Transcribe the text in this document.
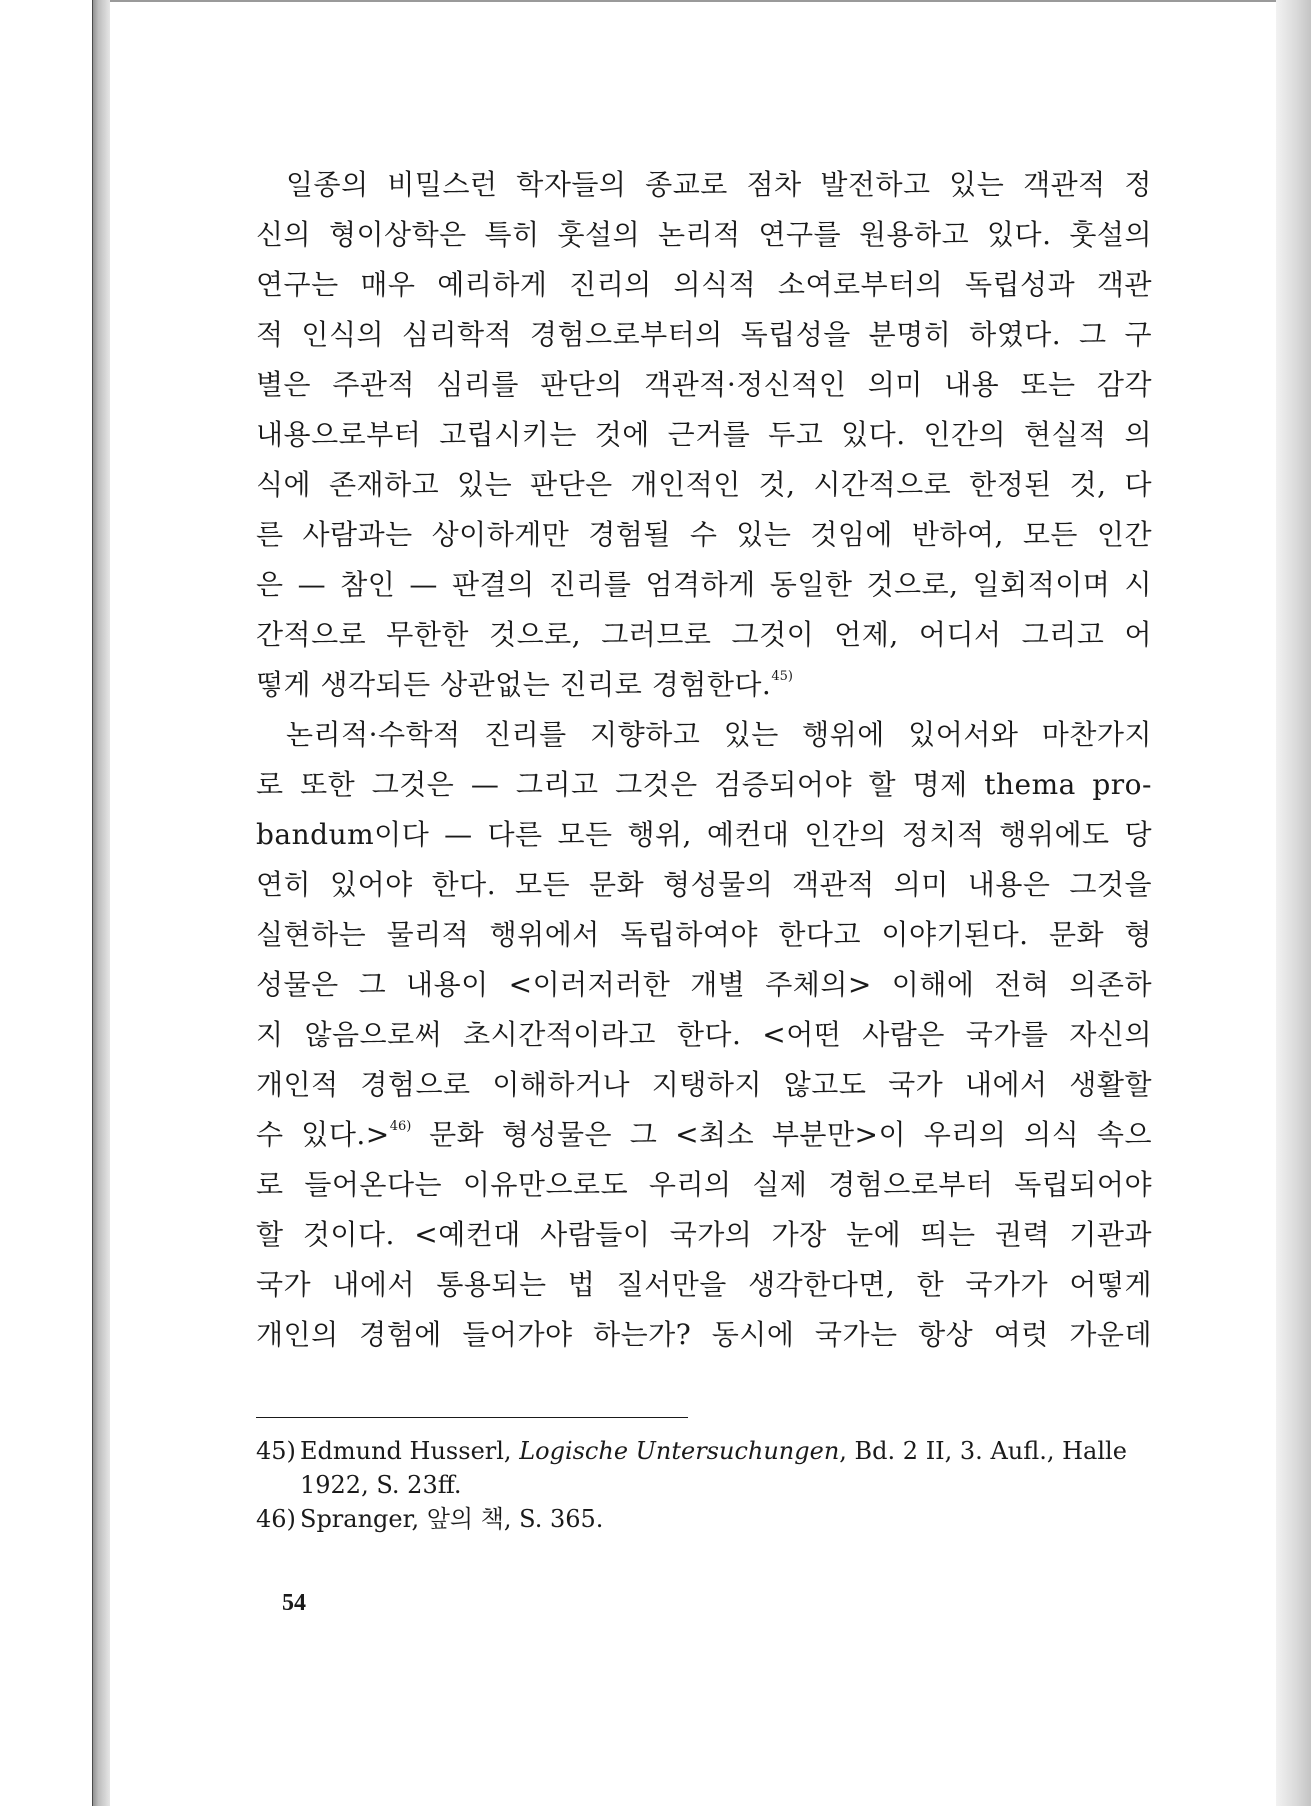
일종의 비밀스런 학자들의 종교로 점차 발전하고 있는 객관적 정
신의 형이상학은 특히 훗설의 논리적 연구를 원용하고 있다. 훗설의
연구는 매우 예리하게 진리의 의식적 소여로부터의 독립성과 객관
적 인식의 심리학적 경험으로부터의 독립성을 분명히 하였다. 그 구
별은 주관적 심리를 판단의 객관적·정신적인 의미 내용 또는 감각
내용으로부터 고립시키는 것에 근거를 두고 있다. 인간의 현실적 의
식에 존재하고 있는 판단은 개인적인 것, 시간적으로 한정된 것, 다
른 사람과는 상이하게만 경험될 수 있는 것임에 반하여, 모든 인간
은 — 참인 — 판결의 진리를 엄격하게 동일한 것으로, 일회적이며 시
간적으로 무한한 것으로, 그러므로 그것이 언제, 어디서 그리고 어
떻게 생각되든 상관없는 진리로 경험한다.$^{45)}$
논리적·수학적 진리를 지향하고 있는 행위에 있어서와 마찬가지
로 또한 그것은 — 그리고 그것은 검증되어야 할 명제 thema pro-
bandum이다 — 다른 모든 행위, 예컨대 인간의 정치적 행위에도 당
연히 있어야 한다. 모든 문화 형성물의 객관적 의미 내용은 그것을
실현하는 물리적 행위에서 독립하여야 한다고 이야기된다. 문화 형
성물은 그 내용이 <이러저러한 개별 주체의> 이해에 전혀 의존하
지 않음으로써 초시간적이라고 한다. <어떤 사람은 국가를 자신의
개인적 경험으로 이해하거나 지탱하지 않고도 국가 내에서 생활할
수 있다.>$^{46)}$ 문화 형성물은 그 <최소 부분만>이 우리의 의식 속으
로 들어온다는 이유만으로도 우리의 실제 경험으로부터 독립되어야
할 것이다. <예컨대 사람들이 국가의 가장 눈에 띄는 권력 기관과
국가 내에서 통용되는 법 질서만을 생각한다면, 한 국가가 어떻게
개인의 경험에 들어가야 하는가? 동시에 국가는 항상 여럿 가운데
45) Edmund Husserl, Logische Untersuchungen, Bd. 2 II, 3. Aufl., Halle
1922, S. 23ff.
46) Spranger, 앞의 책, S. 365.
54
